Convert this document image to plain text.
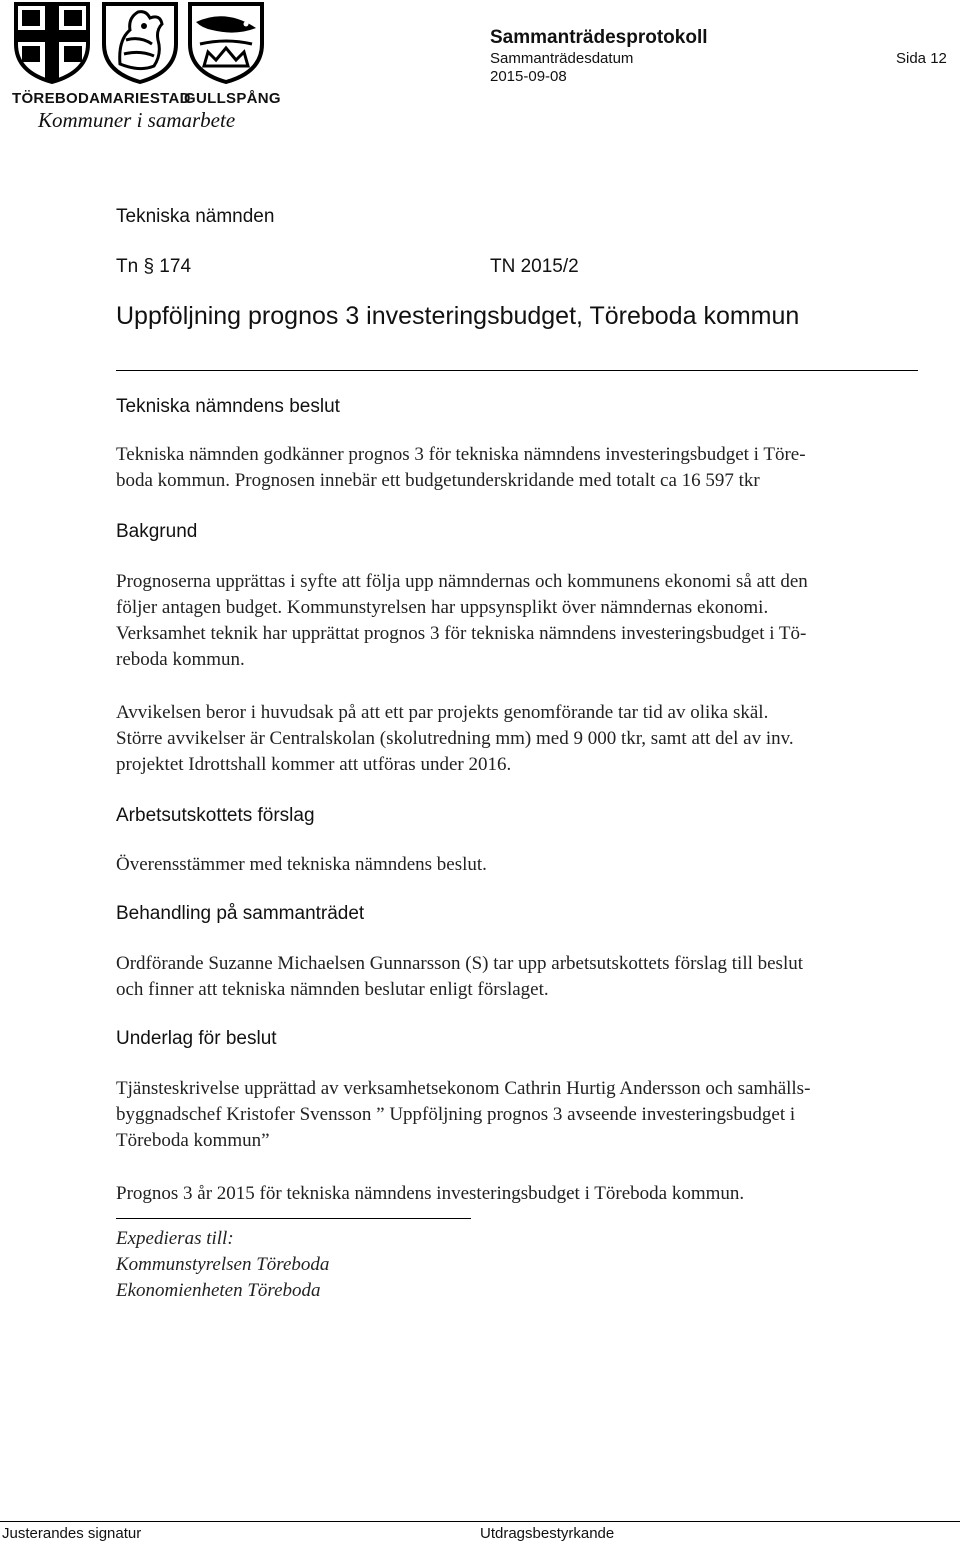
TÖREBODA MARIESTAD
GULLSPÅNG
Kommuner i samarbete
Sammanträdesprotokoll
Sammanträdesdatum
2015-09-08
Sida 12
Tekniska nämnden
Tn § 174	TN 2015/2
Uppföljning prognos 3 investeringsbudget, Töreboda kommun
Tekniska nämndens beslut
Tekniska nämnden godkänner prognos 3 för tekniska nämndens investeringsbudget i Töre-
boda kommun. Prognosen innebär ett budgetunderskridande med totalt ca 16 597 tkr
Bakgrund
Prognoserna upprättas i syfte att följa upp nämndernas och kommunens ekonomi så att den
följer antagen budget. Kommunstyrelsen har uppsynsplikt över nämndernas ekonomi.
Verksamhet teknik har upprättat prognos 3 för tekniska nämndens investeringsbudget i Tö-
reboda kommun.
Avvikelsen beror i huvudsak på att ett par projekts genomförande tar tid av olika skäl.
Större avvikelser är Centralskolan (skolutredning mm) med 9 000 tkr, samt att del av inv.
projektet Idrottshall kommer att utföras under 2016.
Arbetsutskottets förslag
Överensstämmer med tekniska nämndens beslut.
Behandling på sammanträdet
Ordförande Suzanne Michaelsen Gunnarsson (S) tar upp arbetsutskottets förslag till beslut
och finner att tekniska nämnden beslutar enligt förslaget.
Underlag för beslut
Tjänsteskrivelse upprättad av verksamhetsekonom Cathrin Hurtig Andersson och samhälls-
byggnadschef Kristofer Svensson ” Uppföljning prognos 3 avseende investeringsbudget i
Töreboda kommun”
Prognos 3 år 2015 för tekniska nämndens investeringsbudget i Töreboda kommun.
Expedieras till:
Kommunstyrelsen Töreboda
Ekonomienheten Töreboda
Justerandes signatur	Utdragsbestyrkande
